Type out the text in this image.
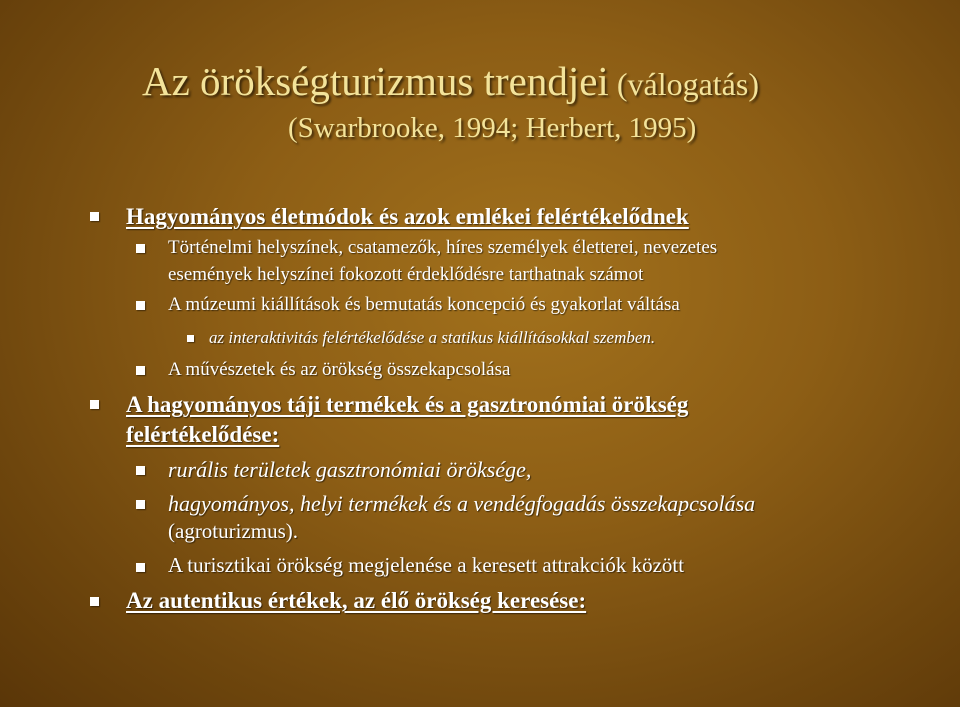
Az örökségturizmus trendjei (válogatás)
(Swarbrooke, 1994; Herbert, 1995)
Hagyományos életmódok és azok emlékei felértékelődnek
Történelmi helyszínek, csatamezők, híres személyek életterei, nevezetes
események helyszínei fokozott érdeklődésre tarthatnak számot
A múzeumi kiállítások és bemutatás koncepció és gyakorlat váltása
az interaktivitás felértékelődése a statikus kiállításokkal szemben.
A művészetek és az örökség összekapcsolása
A hagyományos táji termékek és a gasztronómiai örökség
felértékelődése:
rurális területek gasztronómiai öröksége,
hagyományos, helyi termékek és a vendégfogadás összekapcsolása
(agroturizmus).
A turisztikai örökség megjelenése a keresett attrakciók között
Az autentikus értékek, az élő örökség keresése:
